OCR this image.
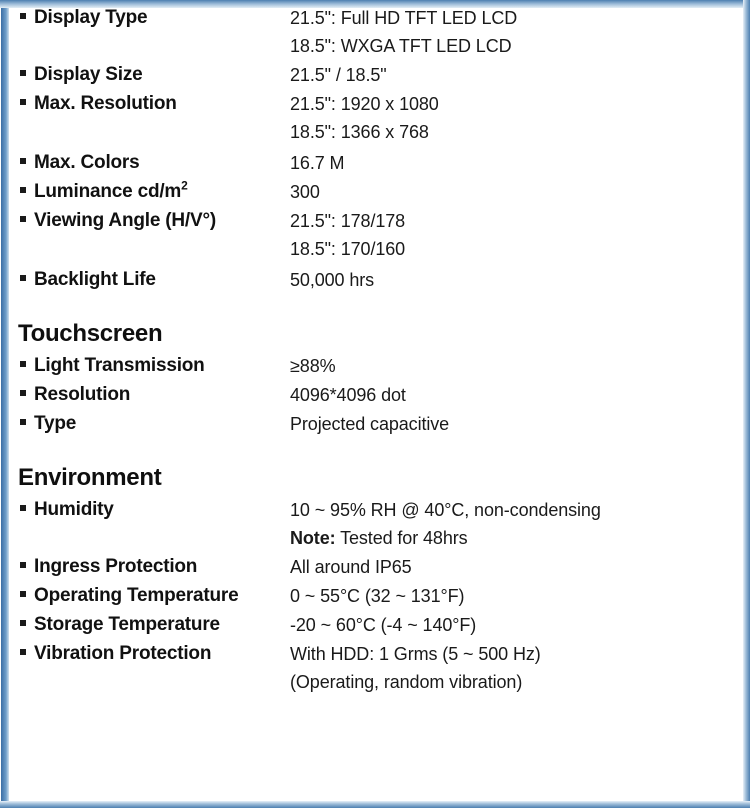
Display Type	21.5": Full HD TFT LED LCD
18.5": WXGA TFT LED LCD
Display Size	21.5" / 18.5"
Max. Resolution	21.5": 1920 x 1080
18.5": 1366 x 768
Max. Colors	16.7 M
Luminance $cd/m^2$	300
Viewing Angle (H/V°)	21.5": 178/178
18.5": 170/160
Backlight Life	50,000 hrs
Touchscreen
Light Transmission	≥88%
Resolution	4096*4096 dot
Type	Projected capacitive
Environment
Humidity	10 ~ 95% RH @ 40°C, non-condensing
Note: Tested for 48hrs
Ingress Protection	All around IP65
Operating Temperature	0 ~ 55°C (32 ~ 131°F)
Storage Temperature	-20 ~ 60°C (-4 ~ 140°F)
Vibration Protection	With HDD: 1 Grms (5 ~ 500 Hz)
(Operating, random vibration)
